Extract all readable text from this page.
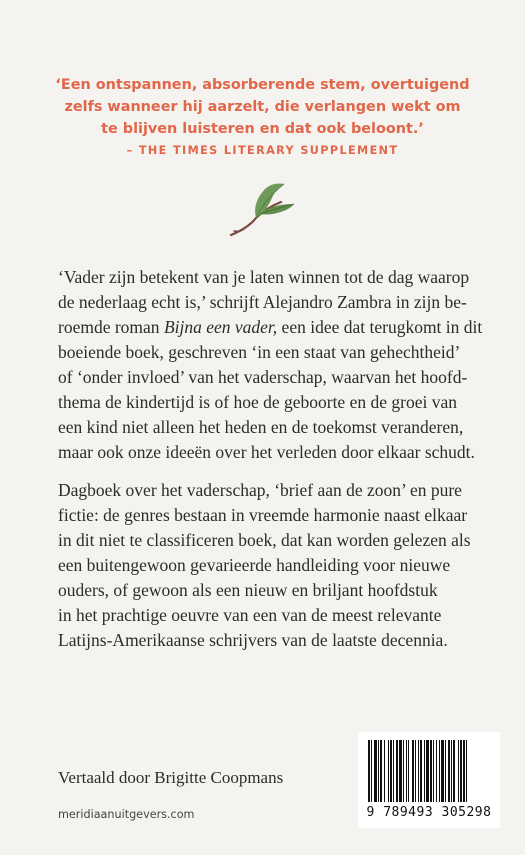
‘Een ontspannen, absorberende stem, overtuigend
zelfs wanneer hij aarzelt, die verlangen wekt om
te blijven luisteren en dat ook beloont.’
– THE TIMES LITERARY SUPPLEMENT
‘Vader zijn betekent van je laten winnen tot de dag waarop
de nederlaag echt is,’ schrijft Alejandro Zambra in zijn be-
roemde roman Bijna een vader, een idee dat terugkomt in dit
boeiende boek, geschreven ‘in een staat van gehechtheid’
of ‘onder invloed’ van het vaderschap, waarvan het hoofd-
thema de kindertijd is of hoe de geboorte en de groei van
een kind niet alleen het heden en de toekomst veranderen,
maar ook onze ideeën over het verleden door elkaar schudt.
Dagboek over het vaderschap, ‘brief aan de zoon’ en pure
fictie: de genres bestaan in vreemde harmonie naast elkaar
in dit niet te classificeren boek, dat kan worden gelezen als
een buitengewoon gevarieerde handleiding voor nieuwe
ouders, of gewoon als een nieuw en briljant hoofdstuk
in het prachtige oeuvre van een van de meest relevante
Latijns-Amerikaanse schrijvers van de laatste decennia.
Vertaald door Brigitte Coopmans
meridiaanuitgevers.com	9 789493 305298
